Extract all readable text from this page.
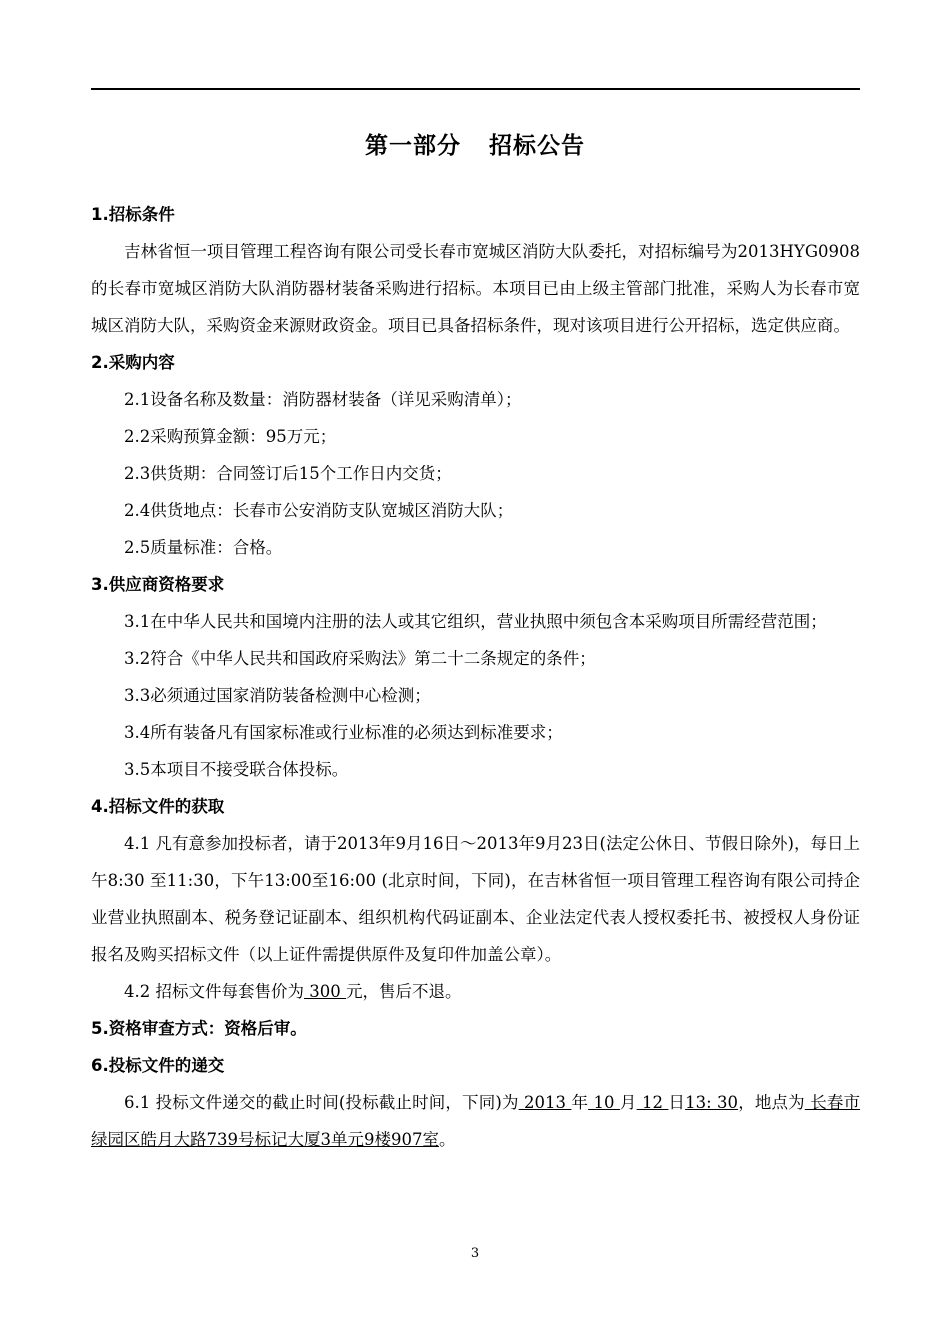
第一部分 招标公告

1.招标条件

吉林省恒一项目管理工程咨询有限公司受长春市宽城区消防大队委托，对招标编号为2013HYG0908的长春市宽城区消防大队消防器材装备采购进行招标。本项目已由上级主管部门批准，采购人为长春市宽城区消防大队，采购资金来源财政资金。项目已具备招标条件，现对该项目进行公开招标，选定供应商。

2.采购内容

2.1设备名称及数量：消防器材装备（详见采购清单）；

2.2采购预算金额：95万元；

2.3供货期：合同签订后15个工作日内交货；

2.4供货地点：长春市公安消防支队宽城区消防大队；

2.5质量标准：合格。

3.供应商资格要求

3.1在中华人民共和国境内注册的法人或其它组织，营业执照中须包含本采购项目所需经营范围；

3.2符合《中华人民共和国政府采购法》第二十二条规定的条件；

3.3必须通过国家消防装备检测中心检测；

3.4所有装备凡有国家标准或行业标准的必须达到标准要求；

3.5本项目不接受联合体投标。

4.招标文件的获取

4.1 凡有意参加投标者，请于2013年9月16日～2013年9月23日(法定公休日、节假日除外)，每日上午8:30 至11:30，下午13:00至16:00 (北京时间，下同)，在吉林省恒一项目管理工程咨询有限公司持企业营业执照副本、税务登记证副本、组织机构代码证副本、企业法定代表人授权委托书、被授权人身份证报名及购买招标文件（以上证件需提供原件及复印件加盖公章）。

4.2 招标文件每套售价为 300 元，售后不退。

5.资格审查方式：资格后审。

6.投标文件的递交

6.1 投标文件递交的截止时间(投标截止时间，下同)为 2013 年 10 月 12 日13: 30，地点为 长春市绿园区皓月大路739号标记大厦3单元9楼907室。

3
